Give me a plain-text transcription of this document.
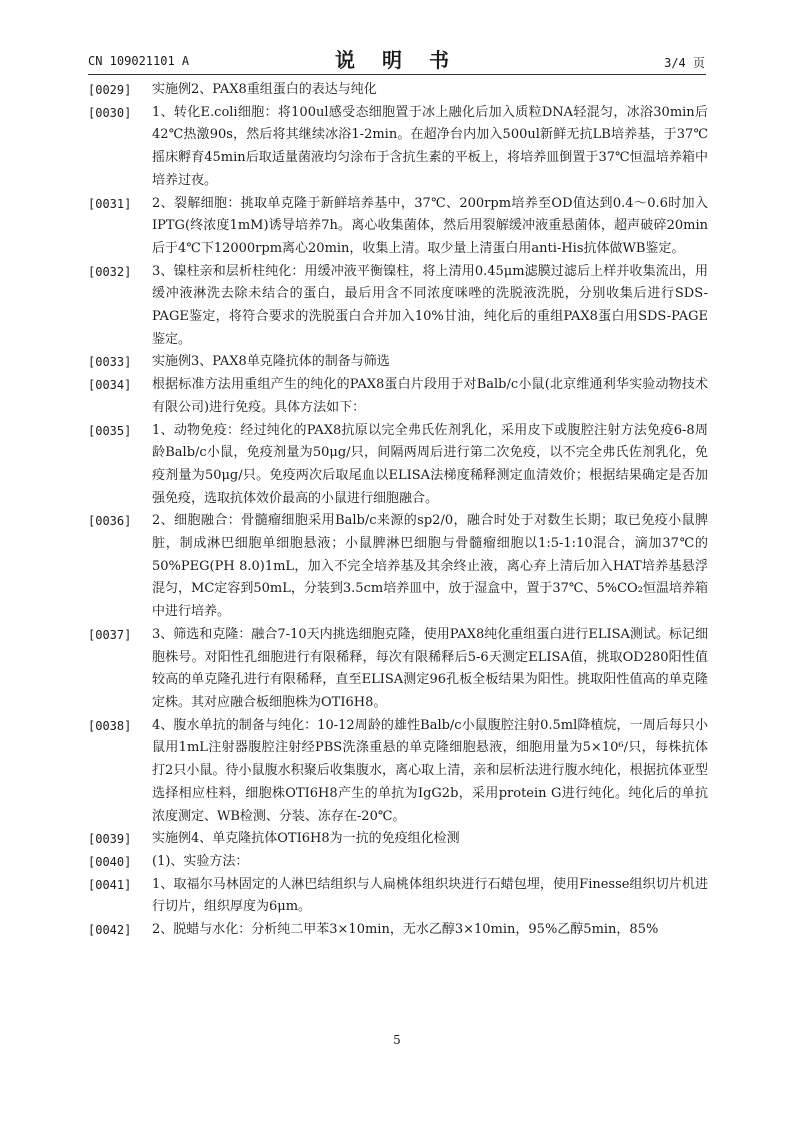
CN 109021101 A	说 明 书	3/4 页
[ 0029 ]	实施例2、PAX8重组蛋白的表达与纯化
[ 0030 ]	1、转化E.coli细胞：将100ul感受态细胞置于冰上融化后加入质粒DNA轻混匀，冰浴30min后42℃热激90s，然后将其继续冰浴1-2min。在超净台内加入500ul新鲜无抗LB培养基，于37℃摇床孵育45min后取适量菌液均匀涂布于含抗生素的平板上，将培养皿倒置于37℃恒温培养箱中培养过夜。
[ 0031 ]	2、裂解细胞：挑取单克隆于新鲜培养基中，37℃、200rpm培养至OD值达到0.4～0.6时加入IPTG(终浓度1mM)诱导培养7h。离心收集菌体，然后用裂解缓冲液重悬菌体，超声破碎20min后于4℃下12000rpm离心20min，收集上清。取少量上清蛋白用anti-His抗体做WB鉴定。
[ 0032 ]	3、镍柱亲和层析柱纯化：用缓冲液平衡镍柱，将上清用0.45μm滤膜过滤后上样并收集流出，用缓冲液淋洗去除未结合的蛋白，最后用含不同浓度咪唑的洗脱液洗脱，分别收集后进行SDS-PAGE鉴定，将符合要求的洗脱蛋白合并加入10%甘油，纯化后的重组PAX8蛋白用SDS-PAGE鉴定。
[ 0033 ]	实施例3、PAX8单克隆抗体的制备与筛选
[ 0034 ]	根据标准方法用重组产生的纯化的PAX8蛋白片段用于对Balb/c小鼠(北京维通利华实验动物技术有限公司)进行免疫。具体方法如下：
[ 0035 ]	1、动物免疫：经过纯化的PAX8抗原以完全弗氏佐剂乳化，采用皮下或腹腔注射方法免疫6-8周龄Balb/c小鼠，免疫剂量为50μg/只，间隔两周后进行第二次免疫，以不完全弗氏佐剂乳化，免疫剂量为50μg/只。免疫两次后取尾血以ELISA法梯度稀释测定血清效价；根据结果确定是否加强免疫，选取抗体效价最高的小鼠进行细胞融合。
[ 0036 ]	2、细胞融合：骨髓瘤细胞采用Balb/c来源的sp2/0，融合时处于对数生长期；取已免疫小鼠脾脏，制成淋巴细胞单细胞悬液；小鼠脾淋巴细胞与骨髓瘤细胞以1:5-1:10混合，滴加37℃的50%PEG(PH 8.0)1mL，加入不完全培养基及其余终止液，离心弃上清后加入HAT培养基悬浮混匀，MC定容到50mL，分装到3.5cm培养皿中，放于湿盒中，置于37℃、5%CO₂恒温培养箱中进行培养。
[ 0037 ]	3、筛选和克隆：融合7-10天内挑选细胞克隆，使用PAX8纯化重组蛋白进行ELISA测试。标记细胞株号。对阳性孔细胞进行有限稀释，每次有限稀释后5-6天测定ELISA值，挑取OD280阳性值较高的单克隆孔进行有限稀释，直至ELISA测定96孔板全板结果为阳性。挑取阳性值高的单克隆定株。其对应融合板细胞株为OTI6H8。
[ 0038 ]	4、腹水单抗的制备与纯化：10-12周龄的雄性Balb/c小鼠腹腔注射0.5ml降植烷，一周后每只小鼠用1mL注射器腹腔注射经PBS洗涤重悬的单克隆细胞悬液，细胞用量为5×10⁶/只，每株抗体打2只小鼠。待小鼠腹水积聚后收集腹水，离心取上清，亲和层析法进行腹水纯化，根据抗体亚型选择相应柱料，细胞株OTI6H8产生的单抗为IgG2b，采用protein G进行纯化。纯化后的单抗浓度测定、WB检测、分装、冻存在-20℃。
[ 0039 ]	实施例4、单克隆抗体OTI6H8为一抗的免疫组化检测
[ 0040 ]	(1)、实验方法：
[ 0041 ]	1、取福尔马林固定的人淋巴结组织与人扁桃体组织块进行石蜡包埋，使用Finesse组织切片机进行切片，组织厚度为6μm。
[ 0042 ]	2、脱蜡与水化：分析纯二甲苯3×10min，无水乙醇3×10min，95%乙醇5min，85%
5
